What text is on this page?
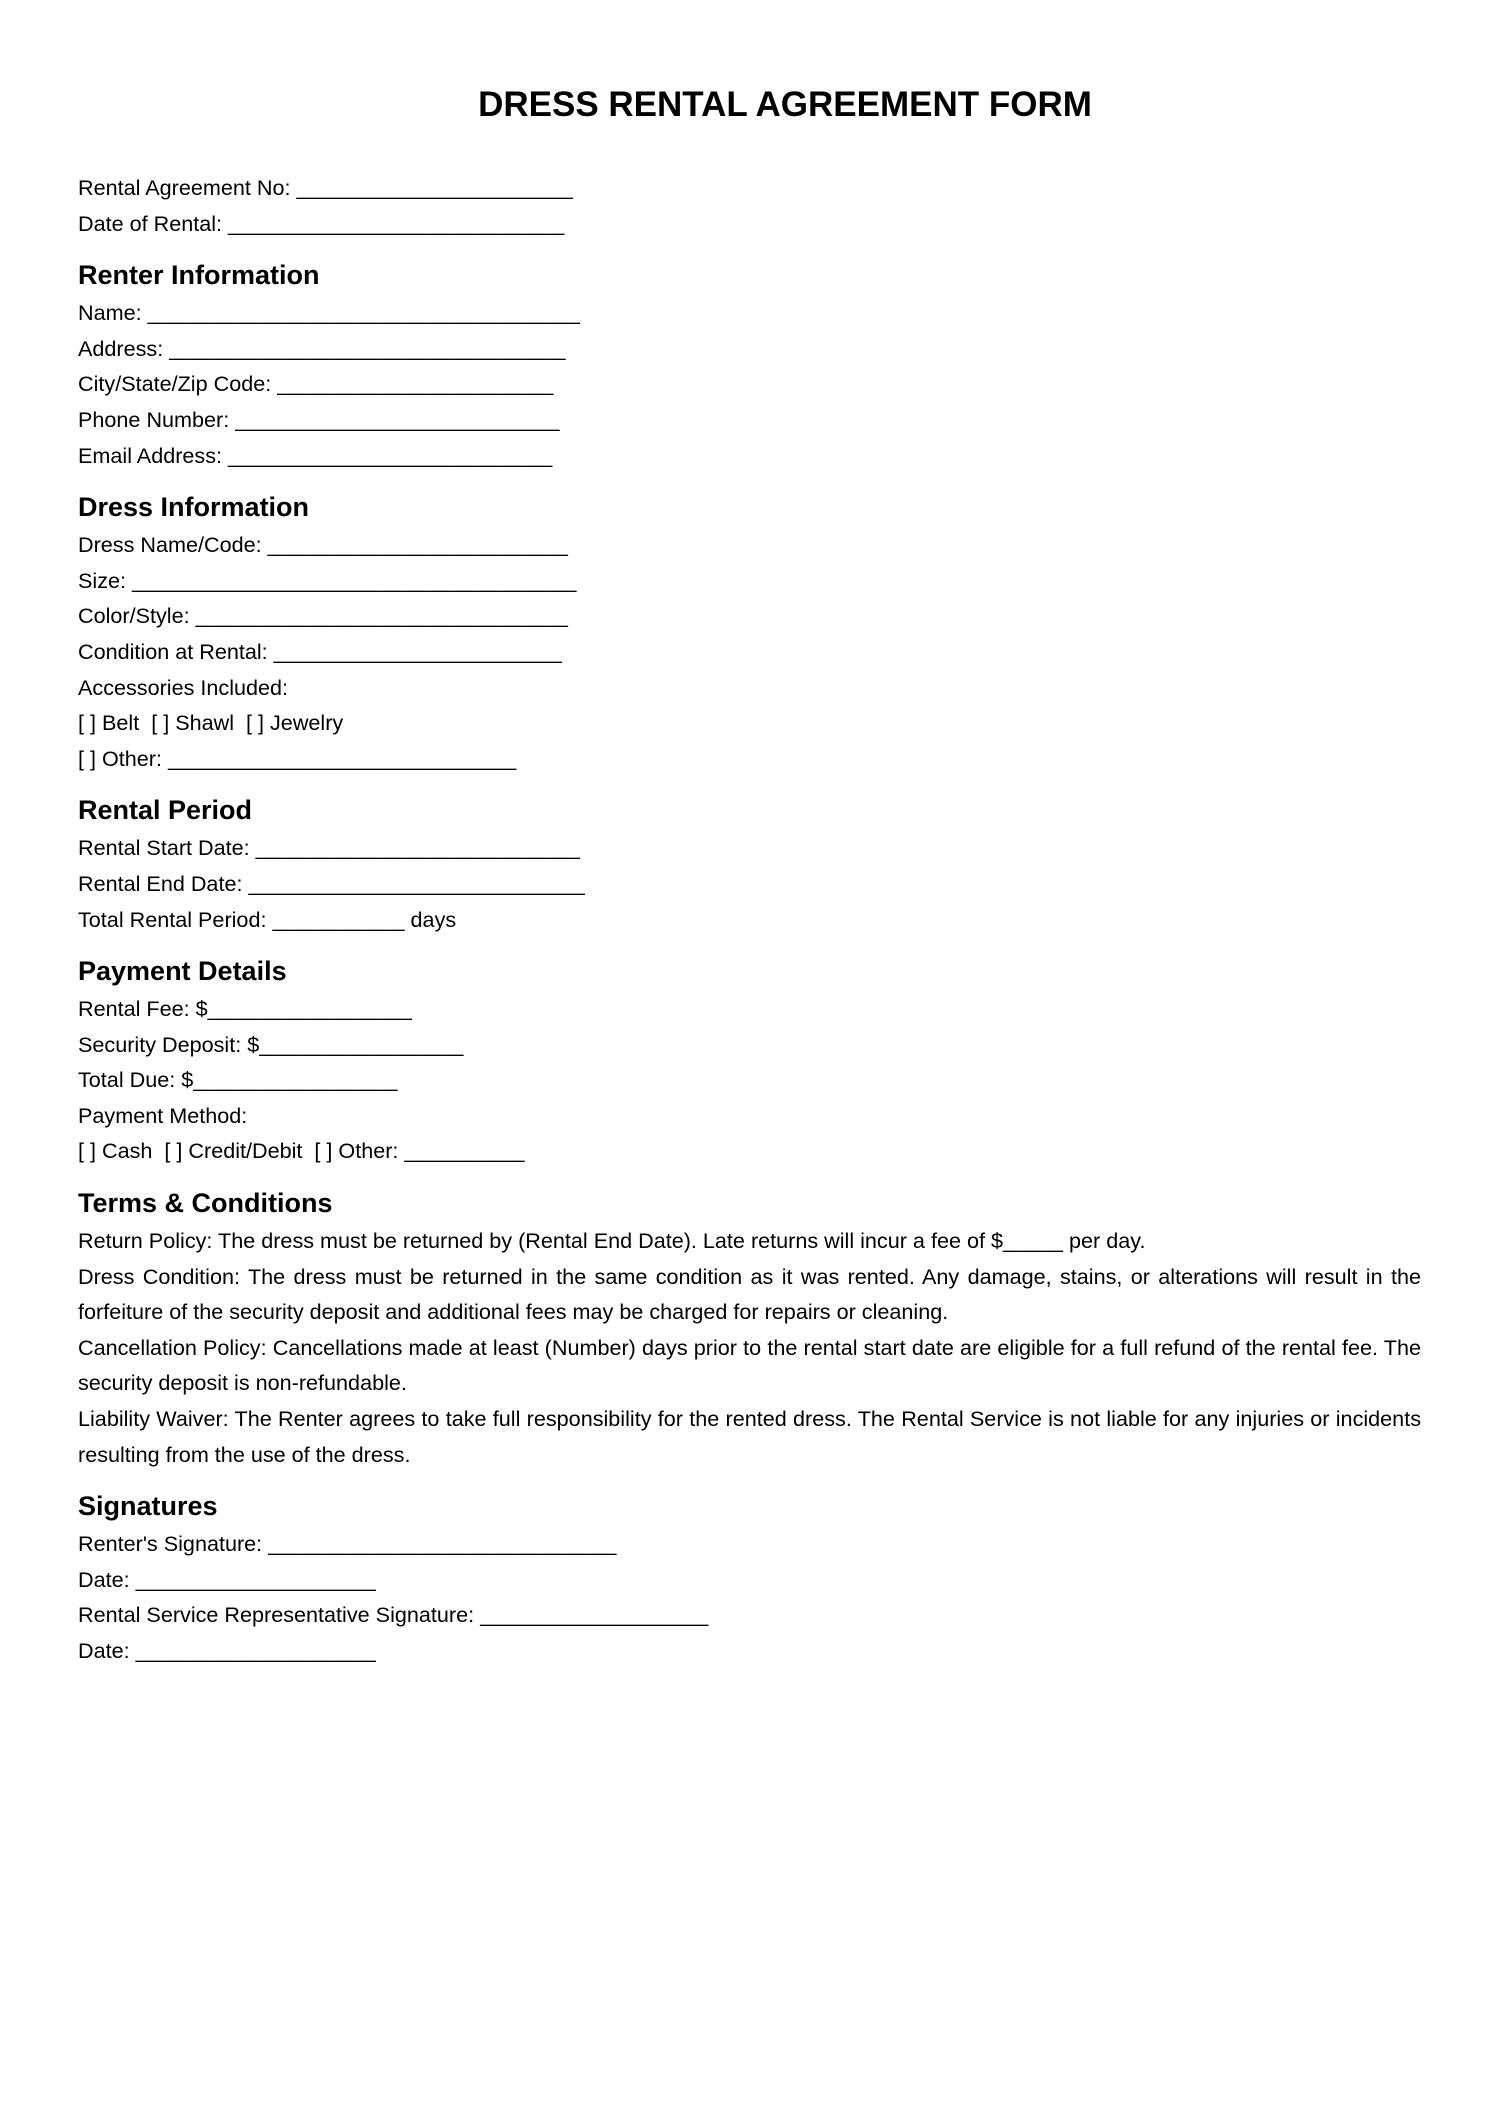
DRESS RENTAL AGREEMENT FORM
Rental Agreement No: _______________________
Date of Rental: ____________________________
Renter Information
Name: ____________________________________
Address: _________________________________
City/State/Zip Code: _______________________
Phone Number: ___________________________
Email Address: ___________________________
Dress Information
Dress Name/Code: _________________________
Size: _____________________________________
Color/Style: _______________________________
Condition at Rental: ________________________
Accessories Included:
[ ] Belt  [ ] Shawl  [ ] Jewelry
[ ] Other: _____________________________
Rental Period
Rental Start Date: ___________________________
Rental End Date: ____________________________
Total Rental Period: ___________ days
Payment Details
Rental Fee: $_________________
Security Deposit: $_________________
Total Due: $_________________
Payment Method:
[ ] Cash  [ ] Credit/Debit  [ ] Other: __________
Terms & Conditions
Return Policy: The dress must be returned by (Rental End Date). Late returns will incur a fee of $_____ per day.
Dress Condition: The dress must be returned in the same condition as it was rented. Any damage, stains, or alterations will result in the forfeiture of the security deposit and additional fees may be charged for repairs or cleaning.
Cancellation Policy: Cancellations made at least (Number) days prior to the rental start date are eligible for a full refund of the rental fee. The security deposit is non-refundable.
Liability Waiver: The Renter agrees to take full responsibility for the rented dress. The Rental Service is not liable for any injuries or incidents resulting from the use of the dress.
Signatures
Renter's Signature: _____________________________
Date: ____________________
Rental Service Representative Signature: ___________________
Date: ____________________
